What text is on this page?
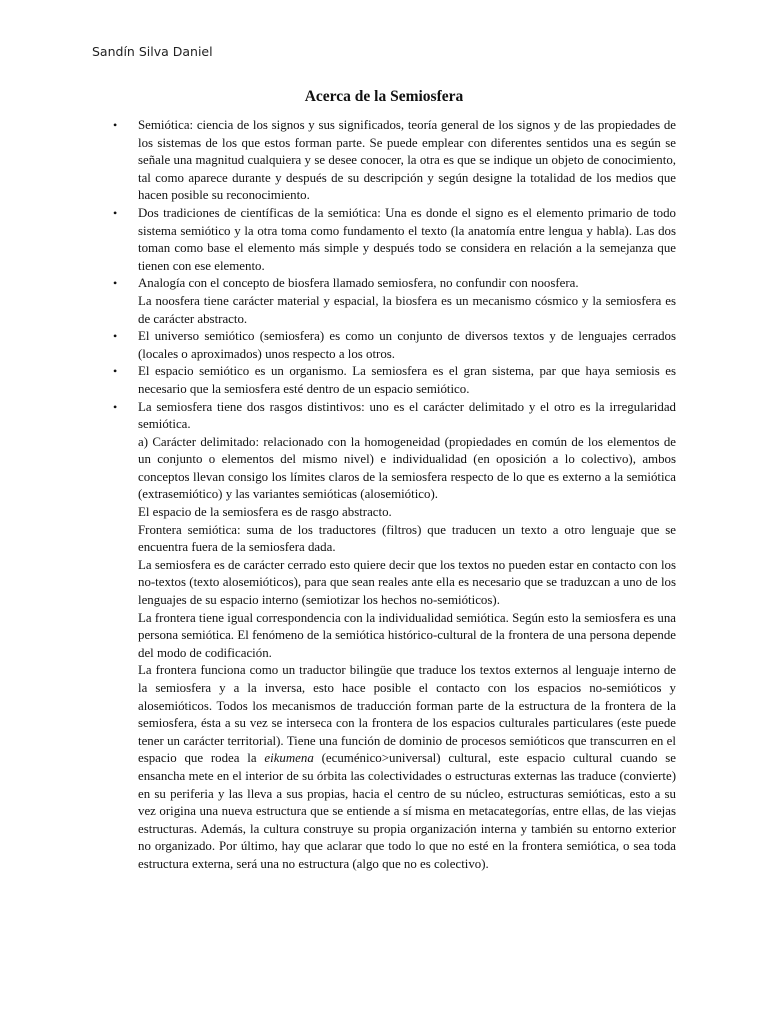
Sandín Silva Daniel
Acerca de la Semiosfera
• Semiótica: ciencia de los signos y sus significados, teoría general de los signos y de las propiedades de los sistemas de los que estos forman parte. Se puede emplear con diferentes sentidos una es según se señale una magnitud cualquiera y se desee conocer, la otra es que se indique un objeto de conocimiento, tal como aparece durante y después de su descripción y según designe la totalidad de los medios que hacen posible su reconocimiento.

• Dos tradiciones de científicas de la semiótica: Una es donde el signo es el elemento primario de todo sistema semiótico y la otra toma como fundamento el texto (la anatomía entre lengua y habla). Las dos toman como base el elemento más simple y después todo se considera en relación a la semejanza que tienen con ese elemento.

• Analogía con el concepto de biosfera llamado semiosfera, no confundir con noosfera.

La noosfera tiene carácter material y espacial, la biosfera es un mecanismo cósmico y la semiosfera es de carácter abstracto.

• El universo semiótico (semiosfera) es como un conjunto de diversos textos y de lenguajes cerrados (locales o aproximados) unos respecto a los otros.

• El espacio semiótico es un organismo. La semiosfera es el gran sistema, par que haya semiosis es necesario que la semiosfera esté dentro de un espacio semiótico.

• La semiosfera tiene dos rasgos distintivos: uno es el carácter delimitado y el otro es la irregularidad semiótica.

a) Carácter delimitado: relacionado con la homogeneidad (propiedades en común de los elementos de un conjunto o elementos del mismo nivel) e individualidad (en oposición a lo colectivo), ambos conceptos llevan consigo los límites claros de la semiosfera respecto de lo que es externo a la semiótica (extrasemiótico) y las variantes semióticas (alosemiótico).

El espacio de la semiosfera es de rasgo abstracto.

Frontera semiótica: suma de los traductores (filtros) que traducen un texto a otro lenguaje que se encuentra fuera de la semiosfera dada.

La semiosfera es de carácter cerrado esto quiere decir que los textos no pueden estar en contacto con los no-textos (texto alosemióticos), para que sean reales ante ella es necesario que se traduzcan a uno de los lenguajes de su espacio interno (semiotizar los hechos no-semióticos).

La frontera tiene igual correspondencia con la individualidad semiótica. Según esto la semiosfera es una persona semiótica. El fenómeno de la semiótica histórico-cultural de la frontera de una persona depende del modo de codificación.

La frontera funciona como un traductor bilingüe que traduce los textos externos al lenguaje interno de la semiosfera y a la inversa, esto hace posible el contacto con los espacios no-semióticos y alosemióticos. Todos los mecanismos de traducción forman parte de la estructura de la frontera de la semiosfera, ésta a su vez se interseca con la frontera de los espacios culturales particulares (este puede tener un carácter territorial). Tiene una función de dominio de procesos semióticos que transcurren en el espacio que rodea la eikumena (ecuménico>universal) cultural, este espacio cultural cuando se ensancha mete en el interior de su órbita las colectividades o estructuras externas las traduce (convierte) en su periferia y las lleva a sus propias, hacia el centro de su núcleo, estructuras semióticas, esto a su vez origina una nueva estructura que se entiende a sí misma en metacategorías, entre ellas, de las viejas estructuras. Además, la cultura construye su propia organización interna y también su entorno exterior no organizado. Por último, hay que aclarar que todo lo que no esté en la frontera semiótica, o sea toda estructura externa, será una no estructura (algo que no es colectivo).
